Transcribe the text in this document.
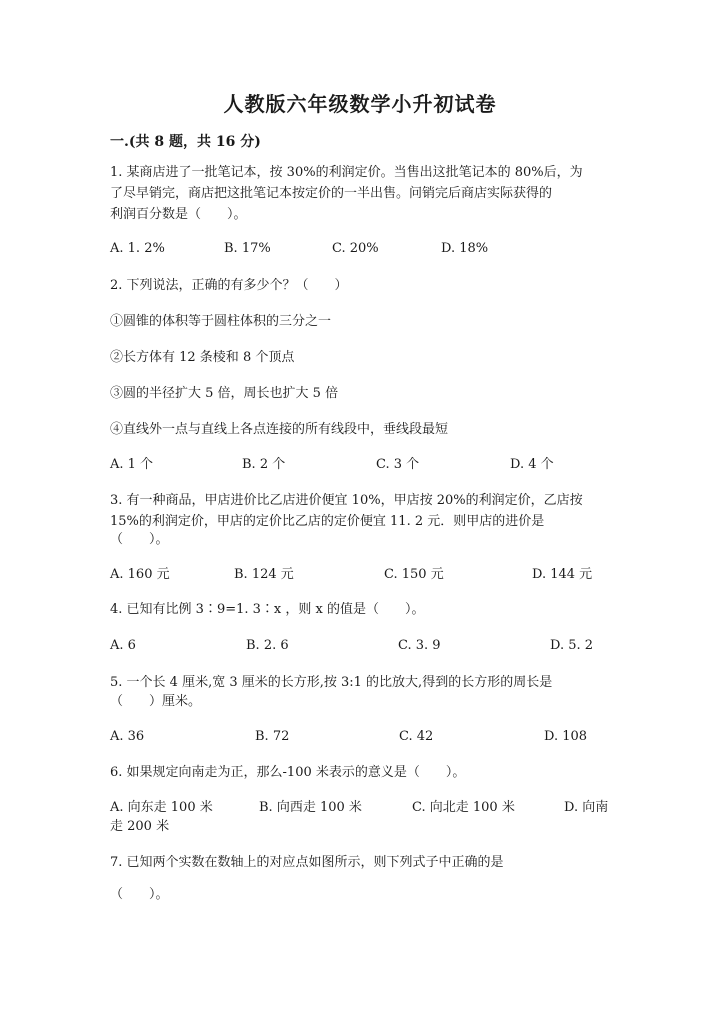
人教版六年级数学小升初试卷
一.(共 8 题，共 16 分)
1. 某商店进了一批笔记本，按 30%的利润定价。当售出这批笔记本的 80%后，为
了尽早销完，商店把这批笔记本按定价的一半出售。问销完后商店实际获得的
利润百分数是（　　）。
A. 1. 2%	B. 17%	C. 20%	D. 18%
2. 下列说法，正确的有多少个？（　　）
①圆锥的体积等于圆柱体积的三分之一
②长方体有 12 条棱和 8 个顶点
③圆的半径扩大 5 倍，周长也扩大 5 倍
④直线外一点与直线上各点连接的所有线段中，垂线段最短
A. 1 个	B. 2 个	C. 3 个	D. 4 个
3. 有一种商品，甲店进价比乙店进价便宜 10%，甲店按 20%的利润定价，乙店按
15%的利润定价，甲店的定价比乙店的定价便宜 11. 2 元．则甲店的进价是
（　　）。
A. 160 元	B. 124 元	C. 150 元	D. 144 元
4. 已知有比例 3∶9=1. 3∶x ，则 x 的值是（　　）。
A. 6	B. 2. 6	C. 3. 9	D. 5. 2
5. 一个长 4 厘米,宽 3 厘米的长方形,按 3:1 的比放大,得到的长方形的周长是
（　　）厘米。
A. 36	B. 72	C. 42	D. 108
6. 如果规定向南走为正，那么-100 米表示的意义是（　　）。
A. 向东走 100 米	B. 向西走 100 米	C. 向北走 100 米	D. 向南
走 200 米
7. 已知两个实数在数轴上的对应点如图所示，则下列式子中正确的是
（　　）。
